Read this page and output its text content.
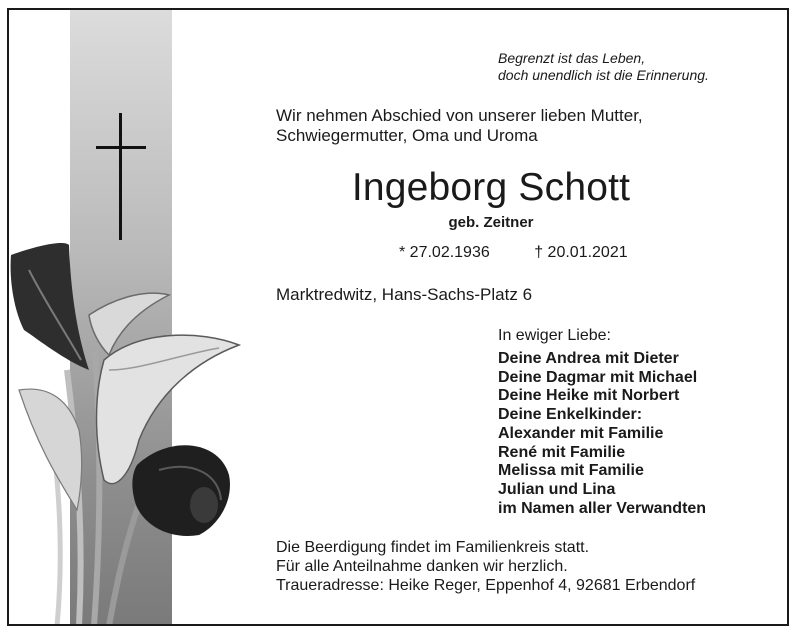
Begrenzt ist das Leben,
doch unendlich ist die Erinnerung.
Wir nehmen Abschied von unserer lieben Mutter,
Schwiegermutter, Oma und Uroma
Ingeborg Schott
geb. Zeitner
* 27.02.1936	† 20.01.2021
Marktredwitz, Hans-Sachs-Platz 6
In ewiger Liebe:
Deine Andrea mit Dieter
Deine Dagmar mit Michael
Deine Heike mit Norbert
Deine Enkelkinder:
Alexander mit Familie
René mit Familie
Melissa mit Familie
Julian und Lina
im Namen aller Verwandten
Die Beerdigung findet im Familienkreis statt.
Für alle Anteilnahme danken wir herzlich.
Traueradresse: Heike Reger, Eppenhof 4, 92681 Erbendorf
